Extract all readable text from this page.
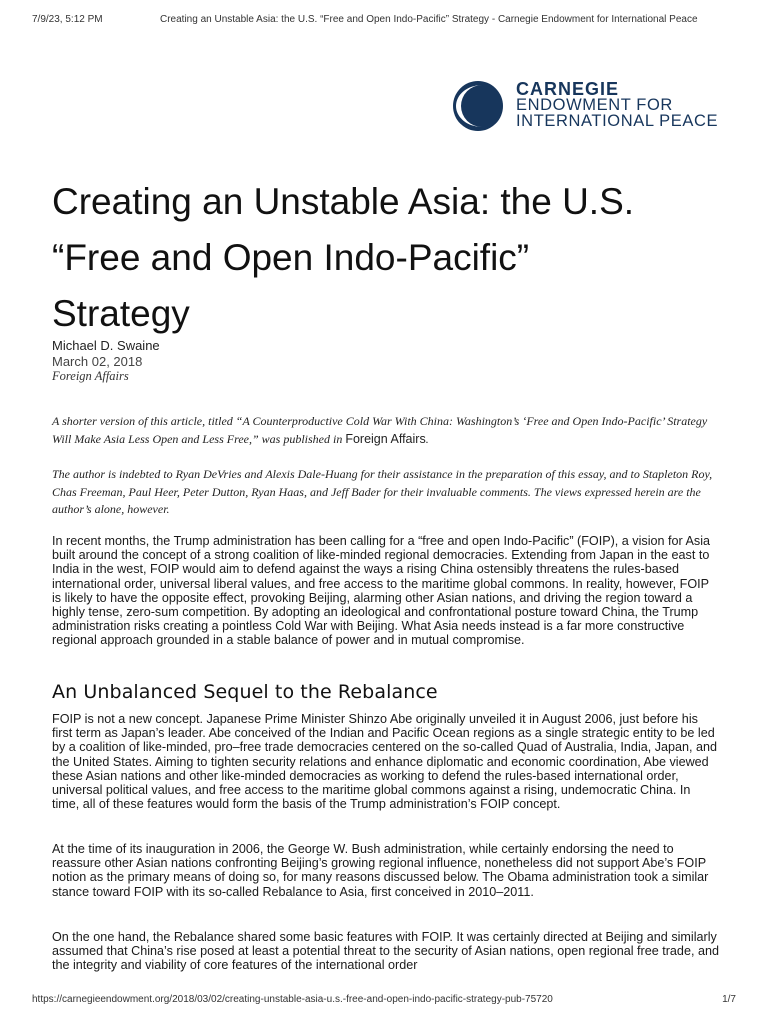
7/9/23, 5:12 PM	Creating an Unstable Asia: the U.S. “Free and Open Indo-Pacific” Strategy - Carnegie Endowment for International Peace
CARNEGIE
ENDOWMENT FOR
INTERNATIONAL PEACE
Creating an Unstable Asia: the U.S.
“Free and Open Indo-Pacific”
Strategy
Michael D. Swaine
March 02, 2018
Foreign Affairs

A shorter version of this article, titled “A Counterproductive Cold War With China: Washington’s ‘Free and Open Indo-Pacific’ Strategy Will Make Asia Less Open and Less Free,” was published in Foreign Affairs.

The author is indebted to Ryan DeVries and Alexis Dale-Huang for their assistance in the preparation of this essay, and to Stapleton Roy, Chas Freeman, Paul Heer, Peter Dutton, Ryan Haas, and Jeff Bader for their invaluable comments. The views expressed herein are the author’s alone, however.

In recent months, the Trump administration has been calling for a “free and open Indo-Pacific” (FOIP), a vision for Asia built around the concept of a strong coalition of like-minded regional democracies. Extending from Japan in the east to India in the west, FOIP would aim to defend against the ways a rising China ostensibly threatens the rules-based international order, universal liberal values, and free access to the maritime global commons. In reality, however, FOIP is likely to have the opposite effect, provoking Beijing, alarming other Asian nations, and driving the region toward a highly tense, zero-sum competition. By adopting an ideological and confrontational posture toward China, the Trump administration risks creating a pointless Cold War with Beijing. What Asia needs instead is a far more constructive regional approach grounded in a stable balance of power and in mutual compromise.

An Unbalanced Sequel to the Rebalance

FOIP is not a new concept. Japanese Prime Minister Shinzo Abe originally unveiled it in August 2006, just before his first term as Japan’s leader. Abe conceived of the Indian and Pacific Ocean regions as a single strategic entity to be led by a coalition of like-minded, pro–free trade democracies centered on the so-called Quad of Australia, India, Japan, and the United States. Aiming to tighten security relations and enhance diplomatic and economic coordination, Abe viewed these Asian nations and other like-minded democracies as working to defend the rules-based international order, universal political values, and free access to the maritime global commons against a rising, undemocratic China. In time, all of these features would form the basis of the Trump administration’s FOIP concept.

At the time of its inauguration in 2006, the George W. Bush administration, while certainly endorsing the need to reassure other Asian nations confronting Beijing’s growing regional influence, nonetheless did not support Abe’s FOIP notion as the primary means of doing so, for many reasons discussed below. The Obama administration took a similar stance toward FOIP with its so-called Rebalance to Asia, first conceived in 2010–2011.

On the one hand, the Rebalance shared some basic features with FOIP. It was certainly directed at Beijing and similarly assumed that China’s rise posed at least a potential threat to the security of Asian nations, open regional free trade, and the integrity and viability of core features of the international order

https://carnegieendowment.org/2018/03/02/creating-unstable-asia-u.s.-free-and-open-indo-pacific-strategy-pub-75720	1/7
